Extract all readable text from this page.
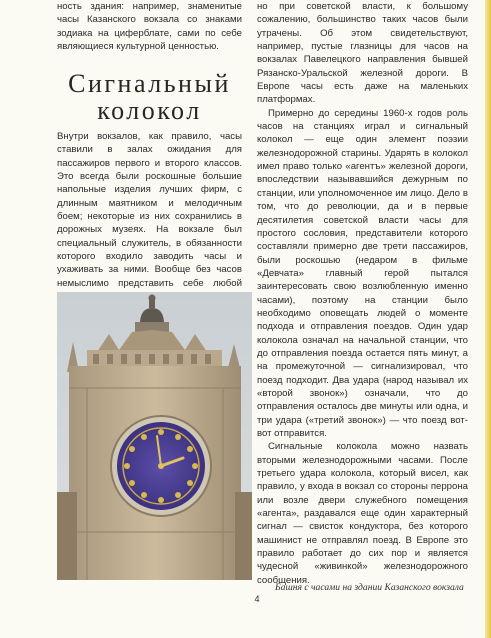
ность здания: например, знаменитые часы Казанского вокзала со знаками зодиака на циферблате, сами по себе являющиеся культурной ценностью.

Сигнальный
колокол

Внутри вокзалов, как правило, часы ставили в залах ожидания для пассажиров первого и второго классов. Это всегда были роскошные большие напольные изделия лучших фирм, с длинным маятником и мелодичным боем; некоторые из них сохранились в дорожных музеях. На вокзале был специальный служитель, в обязанности которого входило заводить часы и ухаживать за ними. Вообще без часов немыслимо представить себе любой

но при советской власти, к большому сожалению, большинство таких часов были утрачены. Об этом свидетельствуют, например, пустые глазницы для часов на вокзалах Павелецкого направления бывшей Рязанско-Уральской железной дороги. В Европе часы есть даже на маленьких платформах.

Примерно до середины 1960-х годов роль часов на станциях играл и сигнальный колокол — еще один элемент поэзии железнодорожной старины. Ударять в колокол имел право только «агентъ» железной дороги, впоследствии называвшийся дежурным по станции, или уполномоченное им лицо. Дело в том, что до революции, да и в первые десятилетия советской власти часы для простого сословия, представители которого составляли примерно две трети пассажиров, были роскошью (недаром в фильме «Девчата» главный герой пытался заинтересовать свою возлюбленную именно часами), поэтому на станции было необходимо оповещать людей о моменте подхода и отправления поездов. Один удар колокола означал на начальной станции, что до отправления поезда остается пять минут, а на промежуточной — сигнализировал, что поезд подходит. Два удара (народ называл их «второй звонок») означали, что до отправления осталось две минуты или одна, и три удара («третий звонок») — что поезд вот-вот отправится.

Сигнальные колокола можно назвать вторыми железнодорожными часами. После третьего удара колокола, который висел, как правило, у входа в вокзал со стороны перрона или возле двери служебного помещения «агента», раздавался еще один характерный сигнал — свисток кондуктора, без которого машинист не отправлял поезд. В Европе это правило работает до сих пор и является чудесной «живинкой» железнодорожного сообщения.

Башня с часами на здании Казанского вокзала
4
